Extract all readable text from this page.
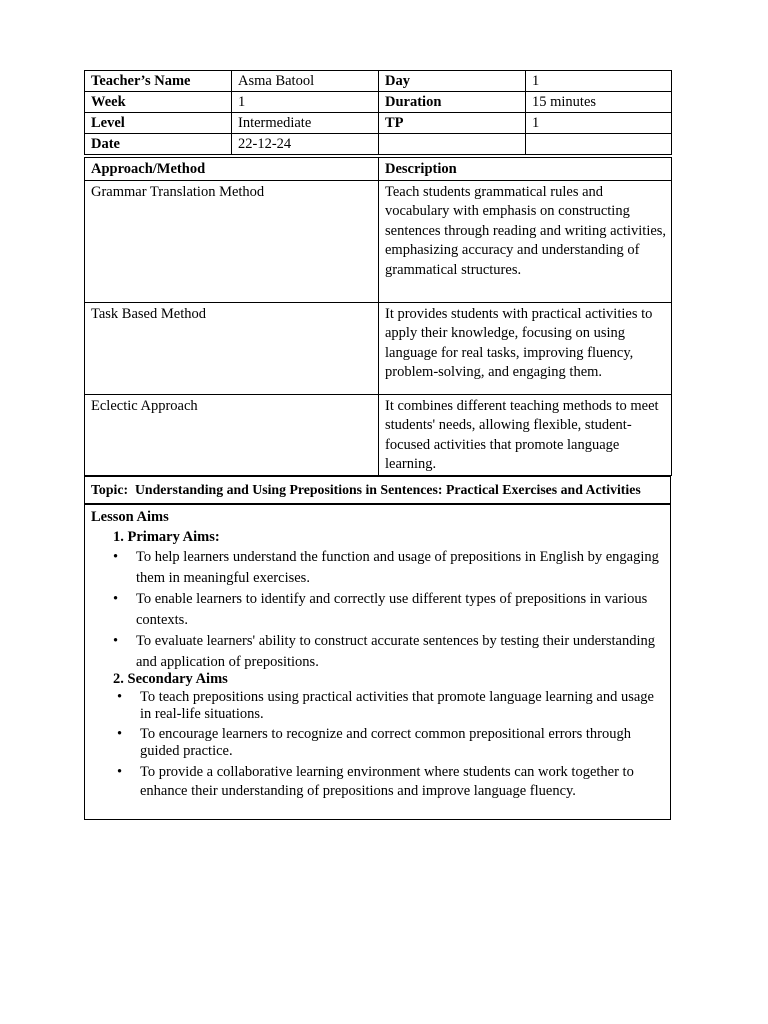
Teacher’s Name	Asma Batool	Day	1
Week	1	Duration	15 minutes
Level	Intermediate	TP	1
Date	22-12-24		
Approach/Method	Description
Grammar Translation Method	Teach students grammatical rules and vocabulary with emphasis on constructing sentences through reading and writing activities, emphasizing accuracy and understanding of grammatical structures.
Task Based Method	It provides students with practical activities to apply their knowledge, focusing on using language for real tasks, improving fluency, problem-solving, and engaging them.
Eclectic Approach	It combines different teaching methods to meet students' needs, allowing flexible, student-focused activities that promote language learning.
Topic:  Understanding and Using Prepositions in Sentences: Practical Exercises and Activities
Lesson Aims
1. Primary Aims:
• To help learners understand the function and usage of prepositions in English by engaging them in meaningful exercises.
• To enable learners to identify and correctly use different types of prepositions in various contexts.
• To evaluate learners' ability to construct accurate sentences by testing their understanding and application of prepositions.
2. Secondary Aims
• To teach prepositions using practical activities that promote language learning and usage in real-life situations.
• To encourage learners to recognize and correct common prepositional errors through guided practice.
• To provide a collaborative learning environment where students can work together to enhance their understanding of prepositions and improve language fluency.
